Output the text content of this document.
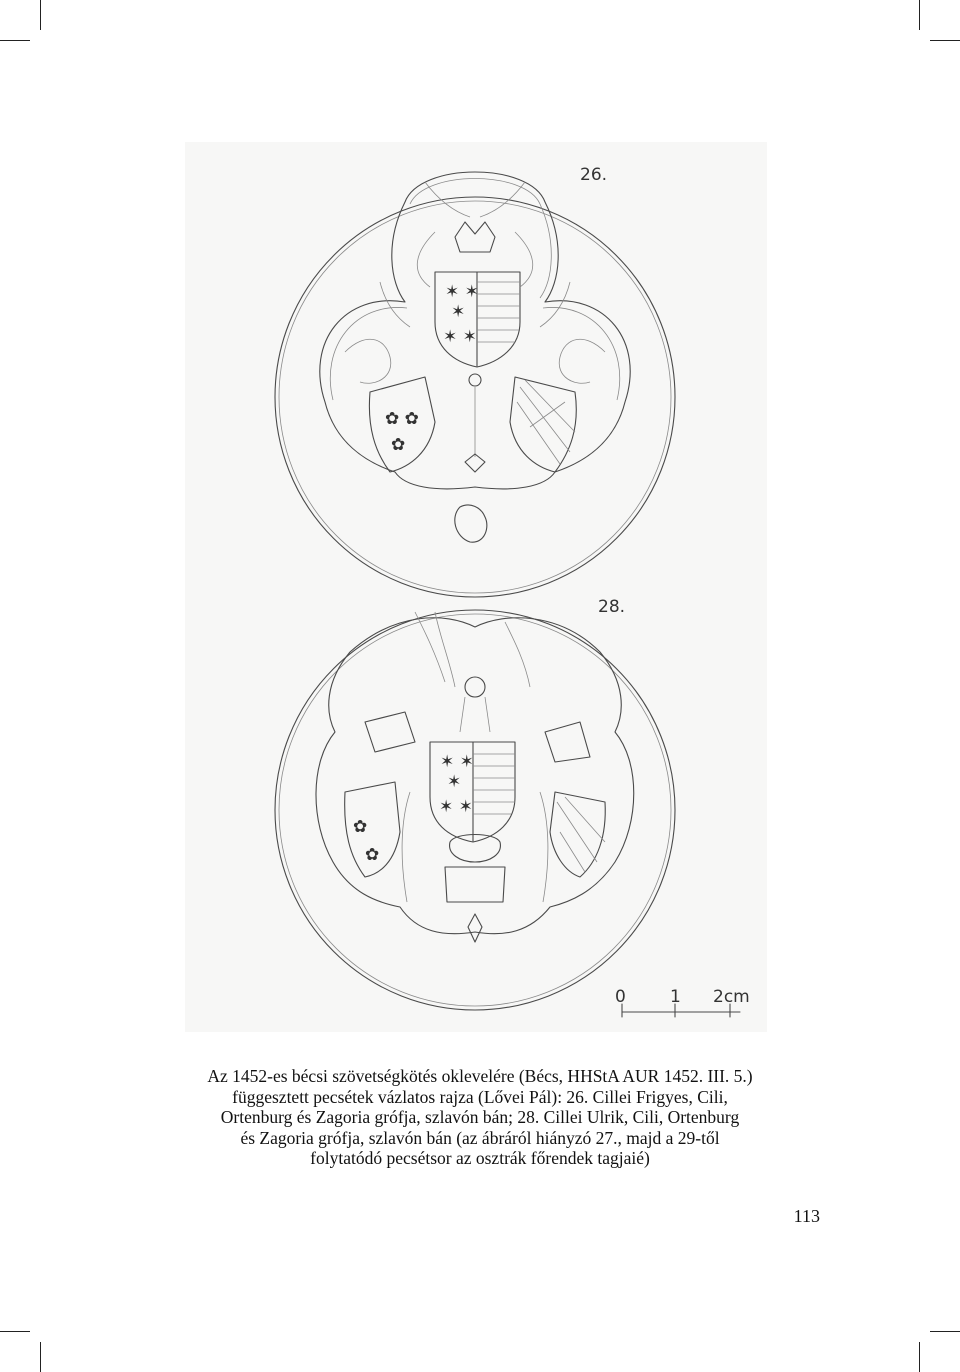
✶ ✶
✶
✶ ✶
✿ ✿
✿
26.
✶ ✶
✶
✶ ✶
✿
✿
28.
0	1 2cm
Az 1452-es bécsi szövetségkötés oklevelére (Bécs, HHStA AUR 1452. III. 5.)
függesztett pecsétek vázlatos rajza (Lővei Pál): 26. Cillei Frigyes, Cili,
Ortenburg és Zagoria grófja, szlavón bán; 28. Cillei Ulrik, Cili, Ortenburg
és Zagoria grófja, szlavón bán (az ábráról hiányzó 27., majd a 29-től
folytatódó pecsétsor az osztrák főrendek tagjaié)
113
